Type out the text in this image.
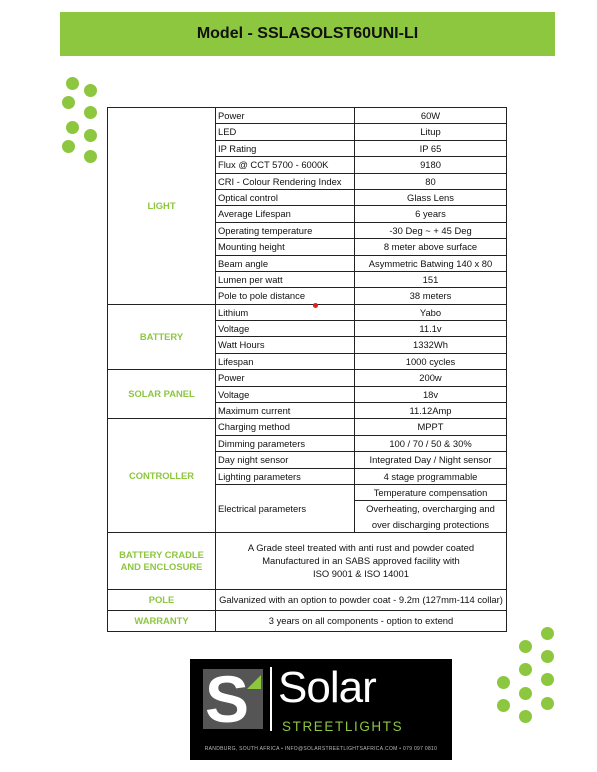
Model - SSLASOLST60UNI-LI
LIGHT	Power	60W
	LED	Litup
	IP Rating	IP 65
	Flux @ CCT 5700 - 6000K	9180
	CRI - Colour Rendering Index	80
	Optical control	Glass Lens
	Average Lifespan	6 years
	Operating temperature	-30 Deg ~ + 45 Deg
	Mounting height	8 meter above surface
	Beam angle	Asymmetric Batwing 140 x 80
	Lumen per watt	151
	Pole to pole distance	38 meters
BATTERY	Lithium	Yabo
	Voltage	11.1v
	Watt Hours	1332Wh
	Lifespan	1000 cycles
SOLAR PANEL	Power	200w
	Voltage	18v
	Maximum current	11.12Amp
CONTROLLER	Charging method	MPPT
	Dimming parameters	100 / 70 / 50 & 30%
	Day night sensor	Integrated Day / Night sensor
	Lighting parameters	4 stage programmable
	Electrical parameters	Temperature compensation
		Overheating, overcharging and
		over discharging protections
BATTERY CRADLE AND ENCLOSURE	A Grade steel treated with anti rust and powder coated
Manufactured in an SABS approved facility with
ISO 9001 & ISO 14001	

POLE	Galvanized with an option to powder coat - 9.2m (127mm-114 collar)	
WARRANTY	3 years on all components - option to extend	
S Solar
STREETLIGHTS
RANDBURG, SOUTH AFRICA • INFO@SOLARSTREETLIGHTSAFRICA.COM • 079 097 0810
